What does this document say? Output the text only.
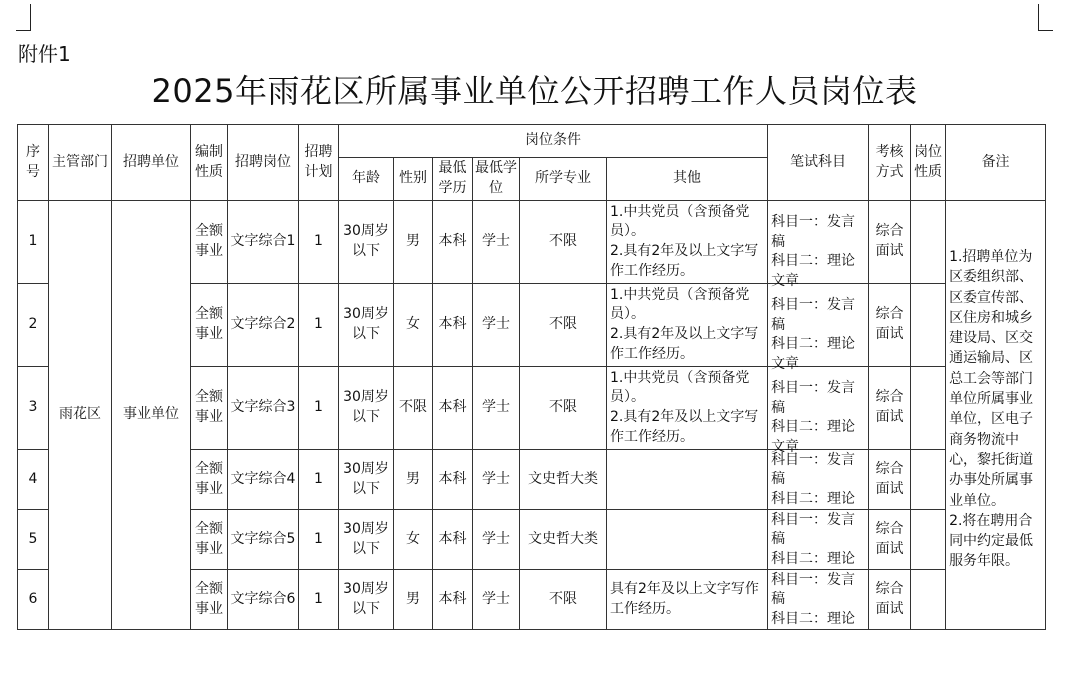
附件1
2025年雨花区所属事业单位公开招聘工作人员岗位表
序号	主管部门	招聘单位	编制性质	招聘岗位	招聘计划	岗位条件						笔试科目	考核方式	岗位性质	备注
						年龄	性别	最低学历	最低学位	所学专业	其他				
1	雨花区	事业单位	全额事业	文字综合1	1	30周岁以下	男	本科	学士	不限	1.中共党员（含预备党员）。
2.具有2年及以上文字写作工作经历。	科目一：发言稿
科目二：理论文章	综合面试		1.招聘单位为区委组织部、区委宣传部、区住房和城乡建设局、区交通运输局、区总工会等部门单位所属事业单位，区电子商务物流中心，黎托街道办事处所属事业单位。
2.将在聘用合同中约定最低服务年限。
2			全额事业	文字综合2	1	30周岁以下	女	本科	学士	不限	1.中共党员（含预备党员）。
2.具有2年及以上文字写作工作经历。	科目一：发言稿
科目二：理论文章	综合面试		
3			全额事业	文字综合3	1	30周岁以下	不限	本科	学士	不限	1.中共党员（含预备党员）。
2.具有2年及以上文字写作工作经历。	科目一：发言稿
科目二：理论文章	综合面试		
4			全额事业	文字综合4	1	30周岁以下	男	本科	学士	文史哲大类		科目一：发言稿
科目二：理论	综合面试		
5			全额事业	文字综合5	1	30周岁以下	女	本科	学士	文史哲大类		科目一：发言稿
科目二：理论	综合面试		
6			全额事业	文字综合6	1	30周岁以下	男	本科	学士	不限	具有2年及以上文字写作工作经历。	科目一：发言稿
科目二：理论	综合面试		
